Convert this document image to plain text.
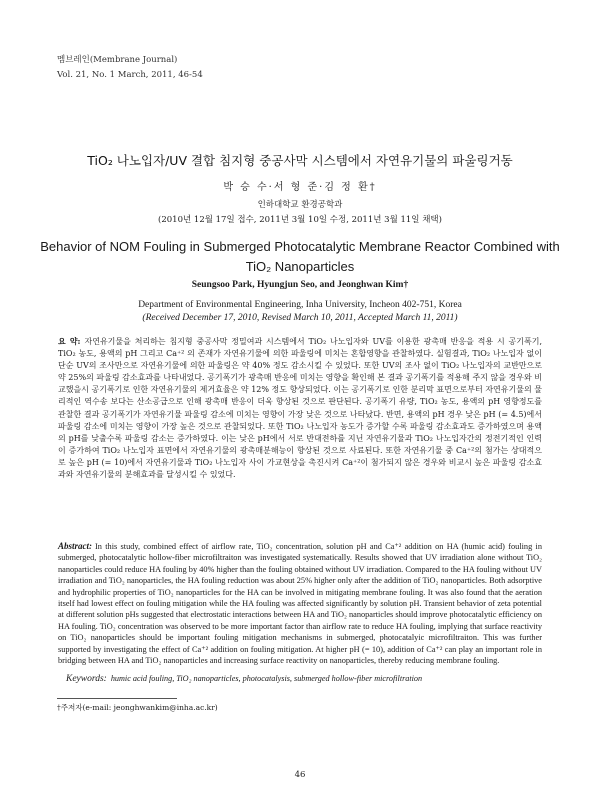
멤브레인(Membrane Journal)
Vol. 21, No. 1 March, 2011, 46-54
TiO₂ 나노입자/UV 결합 침지형 중공사막 시스템에서 자연유기물의 파울링거동
박 승 수·서 형 준·김 정 환†
인하대학교 환경공학과
(2010년 12월 17일 접수, 2011년 3월 10일 수정, 2011년 3월 11일 채택)
Behavior of NOM Fouling in Submerged Photocatalytic Membrane Reactor Combined with TiO₂ Nanoparticles
Seungsoo Park, Hyungjun Seo, and Jeonghwan Kim†
Department of Environmental Engineering, Inha University, Incheon 402-751, Korea
(Received December 17, 2010, Revised March 10, 2011, Accepted March 11, 2011)

요 약: 자연유기물을 처리하는 침지형 중공사막 정밀여과 시스템에서 TiO₂ 나노입자와 UV를 이용한 광촉매 반응을 적용 시 공기폭기, TiO₂ 농도, 용액의 pH 그리고 Ca⁺² 의 존재가 자연유기물에 의한 파울링에 미치는 혼합영향을 관찰하였다. 실험결과, TiO₂ 나노입자 없이 단순 UV의 조사만으로 자연유기물에 의한 파울링은 약 40% 정도 감소시킬 수 있었다. 또한 UV의 조사 없이 TiO₂ 나노입자의 교반만으로 약 25%의 파울링 감소효과를 나타내었다. 공기폭기가 광촉매 반응에 미치는 영향을 확인해 본 결과 공기폭기를 적용해 주지 않을 경우와 비교했을시 공기폭기로 인한 자연유기물의 제거효율은 약 12% 정도 향상되었다. 이는 공기폭기로 인한 분리막 표면으로부터 자연유기물의 물리적인 역수송 보다는 산소공급으로 인해 광촉매 반응이 더욱 향상된 것으로 판단된다. 공기폭기 유량, TiO₂ 농도, 용액의 pH 영향정도를 관찰한 결과 공기폭기가 자연유기물 파울링 감소에 미치는 영향이 가장 낮은 것으로 나타났다. 반면, 용액의 pH 경우 낮은 pH (= 4.5)에서 파울링 감소에 미치는 영향이 가장 높은 것으로 관찰되었다. 또한 TiO₂ 나노입자 농도가 증가할 수록 파울링 감소효과도 증가하였으며 용액의 pH를 낮출수록 파울링 감소는 증가하였다. 이는 낮은 pH에서 서로 반대전하를 지닌 자연유기물과 TiO₂ 나노입자간의 정전기적인 인력이 증가하여 TiO₂ 나노입자 표면에서 자연유기물의 광촉매분해능이 향상된 것으로 사료된다. 또한 자연유기물 중 Ca⁺²의 첨가는 상대적으로 높은 pH (= 10)에서 자연유기물과 TiO₂ 나노입자 사이 가교현상을 촉진시켜 Ca⁺²이 첨가되지 않은 경우와 비교시 높은 파울링 감소효과와 자연유기물의 분해효과를 달성시킬 수 있었다.

Abstract: In this study, combined effect of airflow rate, TiO₂ concentration, solution pH and Ca⁺² addition on HA (humic acid) fouling in submerged, photocatalytic hollow-fiber microfiltraiton was investigated systematically. Results showed that UV irradiation alone without TiO₂ nanoparticles could reduce HA fouling by 40% higher than the fouling obtained without UV irradiation. Compared to the HA fouling without UV irradiation and TiO₂ nanoparticles, the HA fouling reduction was about 25% higher only after the addition of TiO₂ nanoparticles. Both adsorptive and hydrophilic properties of TiO₂ nanoparticles for the HA can be involved in mitigating membrane fouling. It was also found that the aeration itself had lowest effect on fouling mitigation while the HA fouling was affected significantly by solution pH. Transient behavior of zeta potential at different solution pHs suggested that electrostatic interactions between HA and TiO₂ nanoparticles should improve photocatalytic efficiency on HA fouling. TiO₂ concentration was observed to be more important factor than airflow rate to reduce HA fouling, implying that surface reactivity on TiO₂ nanoparticles should be important fouling mitigation mechanisms in submerged, photocatalyic microfiltraiton. This was further supported by investigating the effect of Ca⁺² addition on fouling mitigation. At higher pH (= 10), addition of Ca⁺² can play an important role in bridging between HA and TiO₂ nanoparticles and increasing surface reactivity on nanoparticles, thereby reducing membrane fouling.

Keywords: humic acid fouling, TiO₂ nanoparticles, photocatalysis, submerged hollow-fiber microfiltration
†주저자(e-mail: jeonghwankim@inha.ac.kr)
46
